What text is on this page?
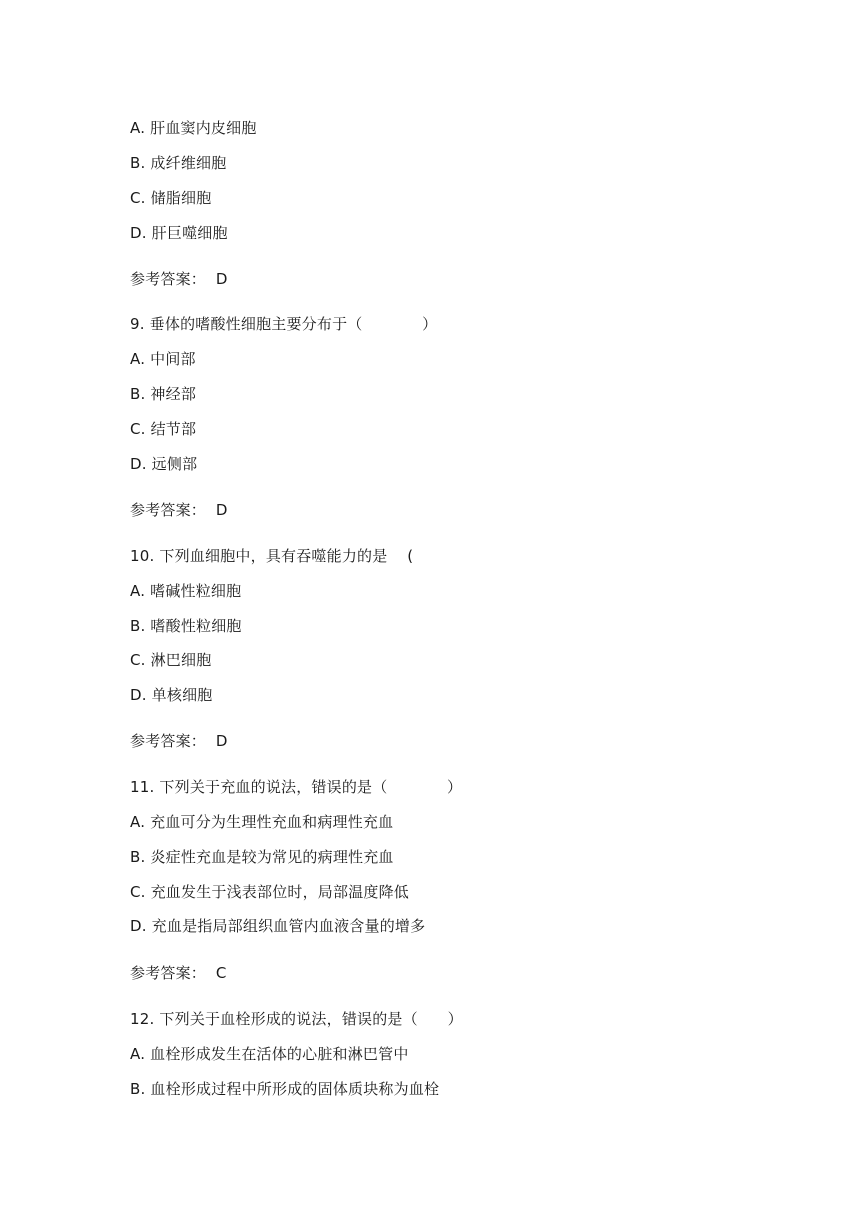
A. 肝血窦内皮细胞
B. 成纤维细胞
C. 储脂细胞
D. 肝巨噬细胞
参考答案：  D
9. 垂体的嗜酸性细胞主要分布于（            ）
A. 中间部
B. 神经部
C. 结节部
D. 远侧部
参考答案：  D
10. 下列血细胞中，具有吞噬能力的是    (
A. 嗜碱性粒细胞
B. 嗜酸性粒细胞
C. 淋巴细胞
D. 单核细胞
参考答案：  D
11. 下列关于充血的说法，错误的是（            ）
A. 充血可分为生理性充血和病理性充血
B. 炎症性充血是较为常见的病理性充血
C. 充血发生于浅表部位时，局部温度降低
D. 充血是指局部组织血管内血液含量的增多
参考答案：  C
12. 下列关于血栓形成的说法，错误的是（      ）
A. 血栓形成发生在活体的心脏和淋巴管中
B. 血栓形成过程中所形成的固体质块称为血栓
